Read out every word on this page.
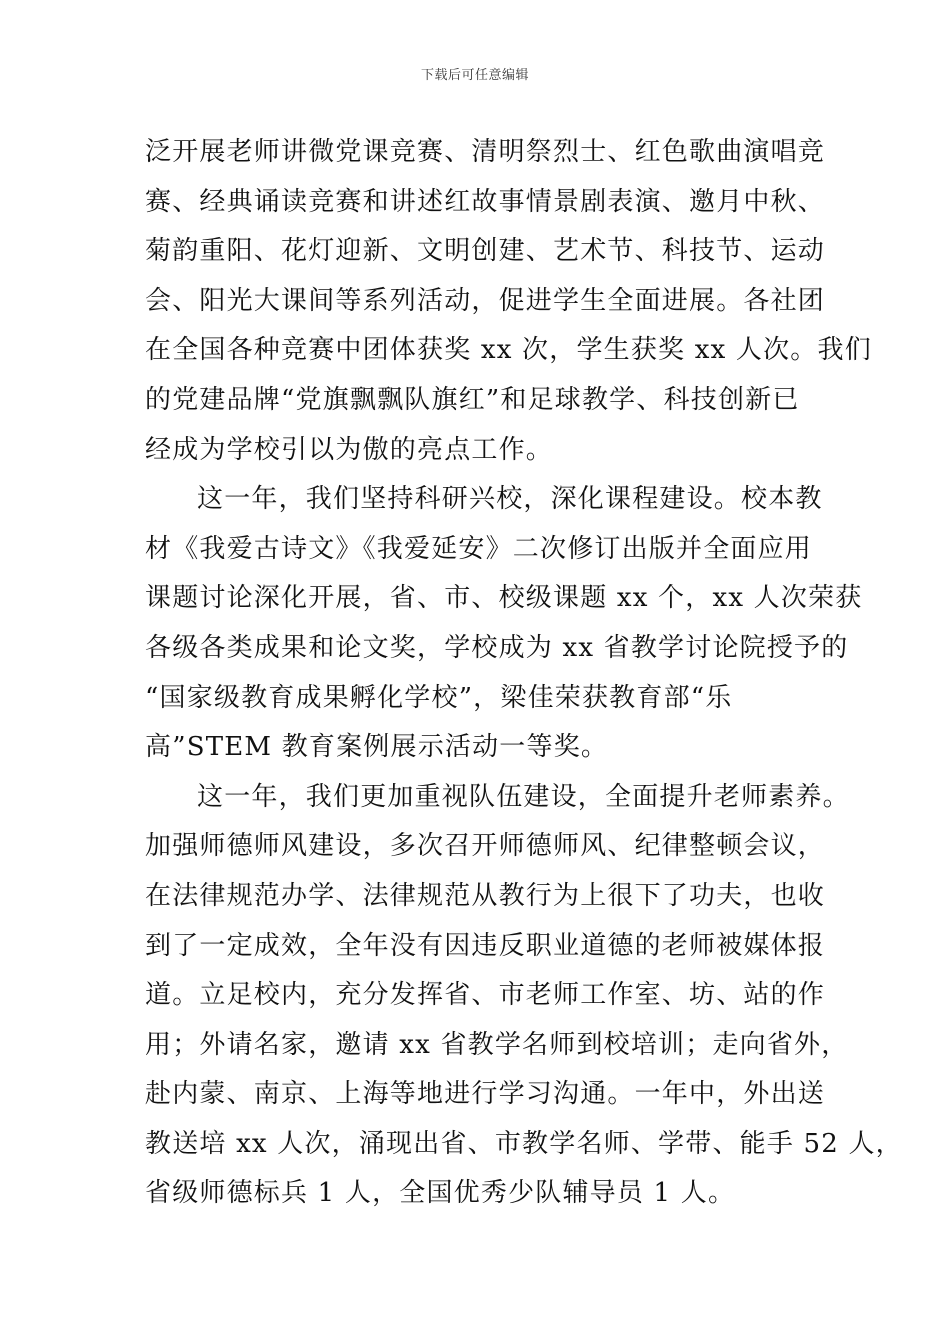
下载后可任意编辑
泛开展老师讲微党课竞赛、清明祭烈士、红色歌曲演唱竞
赛、经典诵读竞赛和讲述红故事情景剧表演、邀月中秋、
菊韵重阳、花灯迎新、文明创建、艺术节、科技节、运动
会、阳光大课间等系列活动，促进学生全面进展。各社团
在全国各种竞赛中团体获奖 xx 次，学生获奖 xx 人次。我们
的党建品牌“党旗飘飘队旗红”和足球教学、科技创新已
经成为学校引以为傲的亮点工作。
这一年，我们坚持科研兴校，深化课程建设。校本教
材《我爱古诗文》《我爱延安》二次修订出版并全面应用
课题讨论深化开展，省、市、校级课题 xx 个，xx 人次荣获
各级各类成果和论文奖，学校成为 xx 省教学讨论院授予的
“国家级教育成果孵化学校”，梁佳荣获教育部“乐
高”STEM 教育案例展示活动一等奖。
这一年，我们更加重视队伍建设，全面提升老师素养。
加强师德师风建设，多次召开师德师风、纪律整顿会议，
在法律规范办学、法律规范从教行为上很下了功夫，也收
到了一定成效，全年没有因违反职业道德的老师被媒体报
道。立足校内，充分发挥省、市老师工作室、坊、站的作
用；外请名家，邀请 xx 省教学名师到校培训；走向省外，
赴内蒙、南京、上海等地进行学习沟通。一年中，外出送
教送培 xx 人次，涌现出省、市教学名师、学带、能手 52 人，
省级师德标兵 1 人，全国优秀少队辅导员 1 人。
